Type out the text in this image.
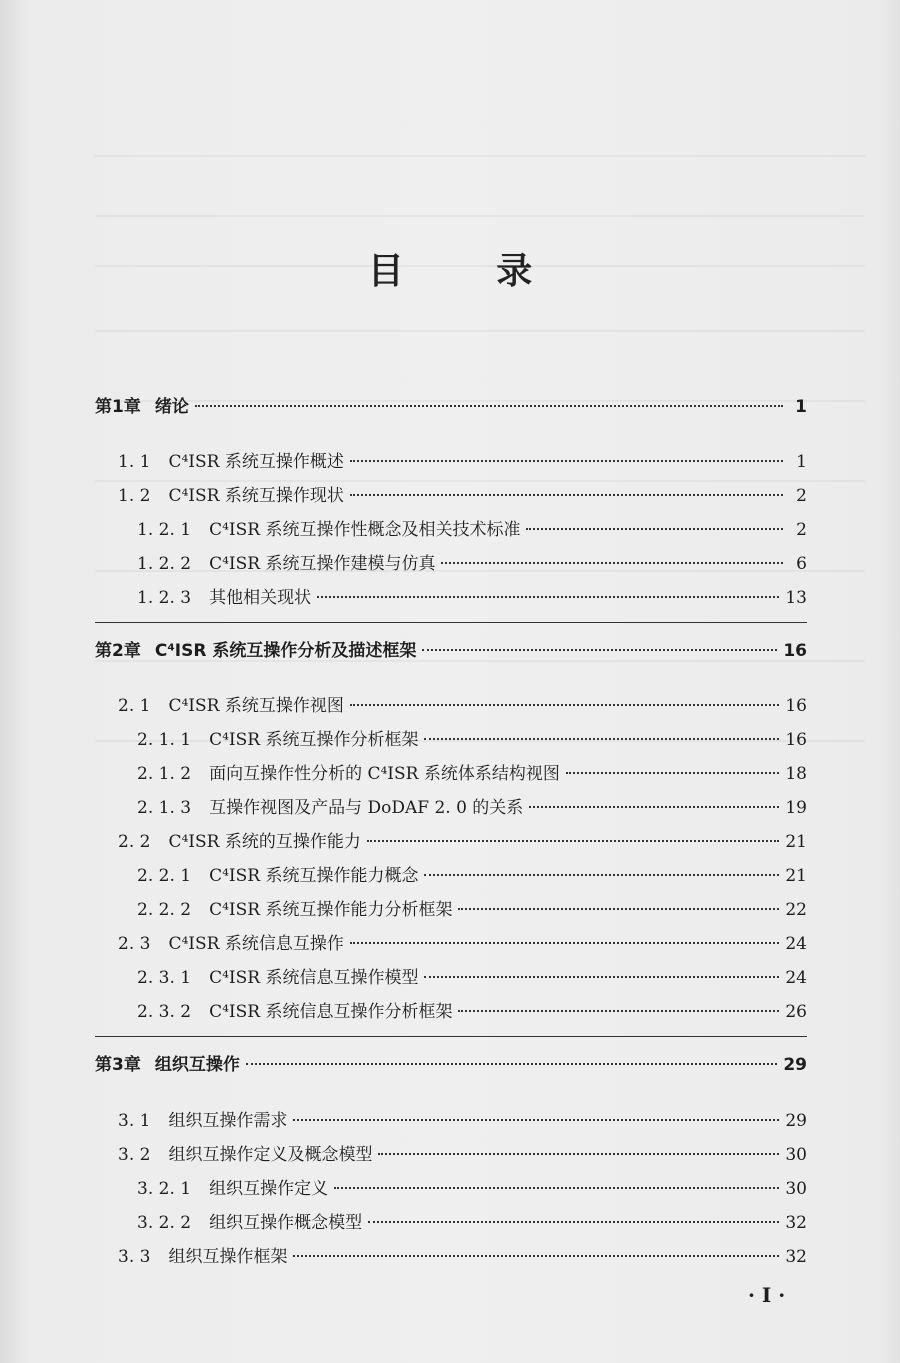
目 录
第1章 绪论	1
1. 1	C⁴ISR 系统互操作概述	1
1. 2	C⁴ISR 系统互操作现状	2
1. 2. 1	C⁴ISR 系统互操作性概念及相关技术标准	2
1. 2. 2	C⁴ISR 系统互操作建模与仿真	6
1. 2. 3	其他相关现状	13
第2章 C⁴ISR 系统互操作分析及描述框架	16
2. 1	C⁴ISR 系统互操作视图	16
2. 1. 1	C⁴ISR 系统互操作分析框架	16
2. 1. 2	面向互操作性分析的 C⁴ISR 系统体系结构视图	18
2. 1. 3	互操作视图及产品与 DoDAF 2. 0 的关系	19
2. 2	C⁴ISR 系统的互操作能力	21
2. 2. 1	C⁴ISR 系统互操作能力概念	21
2. 2. 2	C⁴ISR 系统互操作能力分析框架	22
2. 3	C⁴ISR 系统信息互操作	24
2. 3. 1	C⁴ISR 系统信息互操作模型	24
2. 3. 2	C⁴ISR 系统信息互操作分析框架	26
第3章 组织互操作	29
3. 1	组织互操作需求	29
3. 2	组织互操作定义及概念模型	30
3. 2. 1	组织互操作定义	30
3. 2. 2	组织互操作概念模型	32
3. 3	组织互操作框架	32
· I ·
